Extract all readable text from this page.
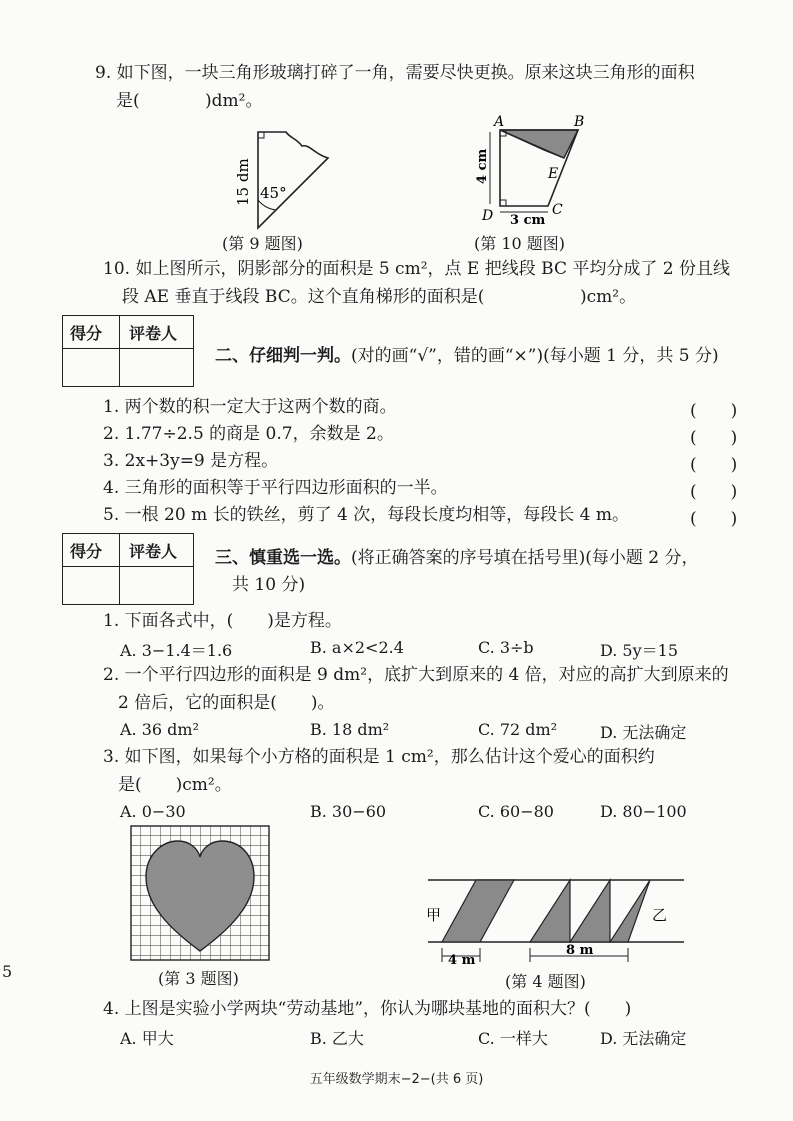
9. 如下图，一块三角形玻璃打碎了一角，需要尽快更换。原来这块三角形的面积
是(	)dm²。
15 dm 45°
(第 9 题图)
A	B
E
D	C
4 cm
3 cm
(第 10 题图)
10. 如上图所示，阴影部分的面积是 5 cm²，点 E 把线段 BC 平均分成了 2 份且线
段 AE 垂直于线段 BC。这个直角梯形的面积是(	)cm²。
得分 评卷人
二、仔细判一判。(对的画“√”，错的画“×”)(每小题 1 分，共 5 分)
1. 两个数的积一定大于这两个数的商。
2. 1.77÷2.5 的商是 0.7，余数是 2。
3. 2x+3y=9 是方程。
4. 三角形的面积等于平行四边形面积的一半。
5. 一根 20 m 长的铁丝，剪了 4 次，每段长度均相等，每段长 4 m。
(　　)
(　　)
(　　)
(　　)
(　　)
得分 评卷人 三、慎重选一选。(将正确答案的序号填在括号里)(每小题 2 分，
共 10 分)
1. 下面各式中，(　　)是方程。
A. 3−1.4＝1.6	B. a×2<2.4	C. 3÷b	D. 5y＝15
2. 一个平行四边形的面积是 9 dm²，底扩大到原来的 4 倍，对应的高扩大到原来的
2 倍后，它的面积是(　　)。
A. 36 dm²	B. 18 dm²	C. 72 dm²	D. 无法确定
3. 如下图，如果每个小方格的面积是 1 cm²，那么估计这个爱心的面积约
是(　　)cm²。
A. 0−30	B. 30−60	C. 60−80	D. 80−100
(第 3 题图)
甲	乙
4 m
8 m
(第 4 题图)
4. 上图是实验小学两块“劳动基地”，你认为哪块基地的面积大？(　　)
A. 甲大	B. 乙大	C. 一样大	D. 无法确定
5
五年级数学期末−2−(共 6 页)
